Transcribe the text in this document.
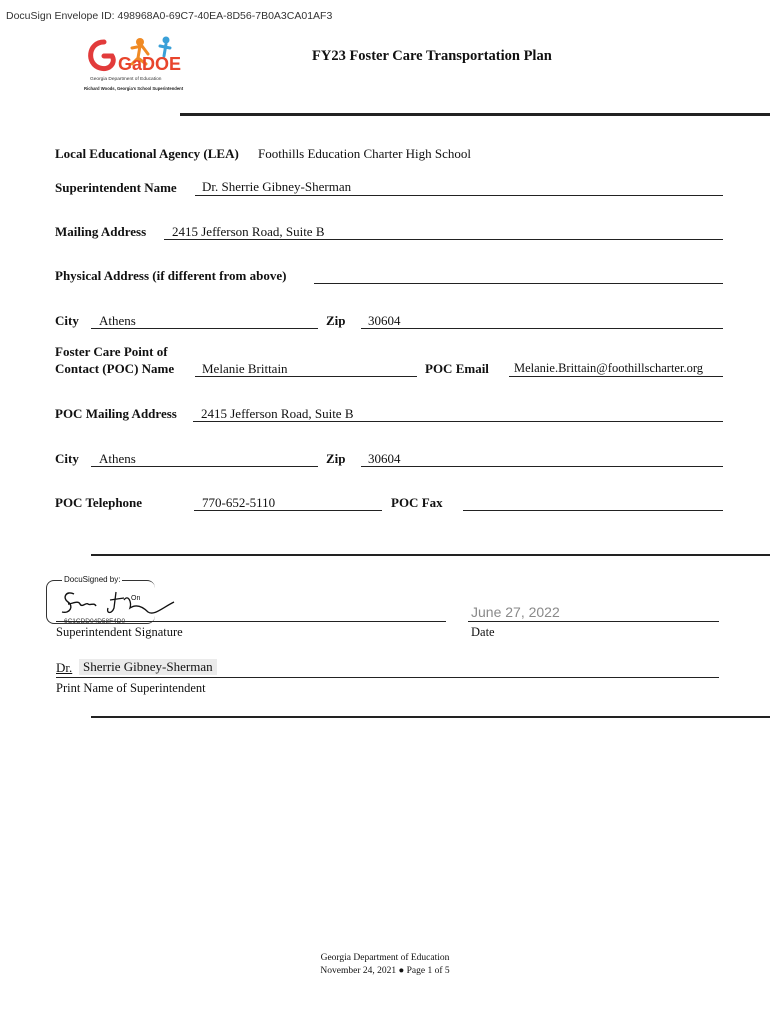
DocuSign Envelope ID: 498968A0-69C7-40EA-8D56-7B0A3CA01AF3
GaDOE
Georgia Department of Education
Richard Woods, Georgia's School Superintendent
FY23 Foster Care Transportation Plan
Local Educational Agency (LEA) Foothills Education Charter High School
Superintendent Name Dr. Sherrie Gibney-Sherman
Mailing Address 2415 Jefferson Road, Suite B
Physical Address (if different from above)
City Athens	Zip 30604
Foster Care Point of
Contact (POC) Name Melanie Brittain	POC Email Melanie.Brittain@foothillscharter.org
POC Mailing Address 2415 Jefferson Road, Suite B
City Athens	Zip 30604
POC Telephone	770-652-5110	POC Fax
DocuSigned by:
On
6C1CDD04D58F4D0
Superintendent Signature
June 27, 2022
Date
Dr. Sherrie Gibney-Sherman
Print Name of Superintendent
Georgia Department of Education
November 24, 2021 ● Page 1 of 5
